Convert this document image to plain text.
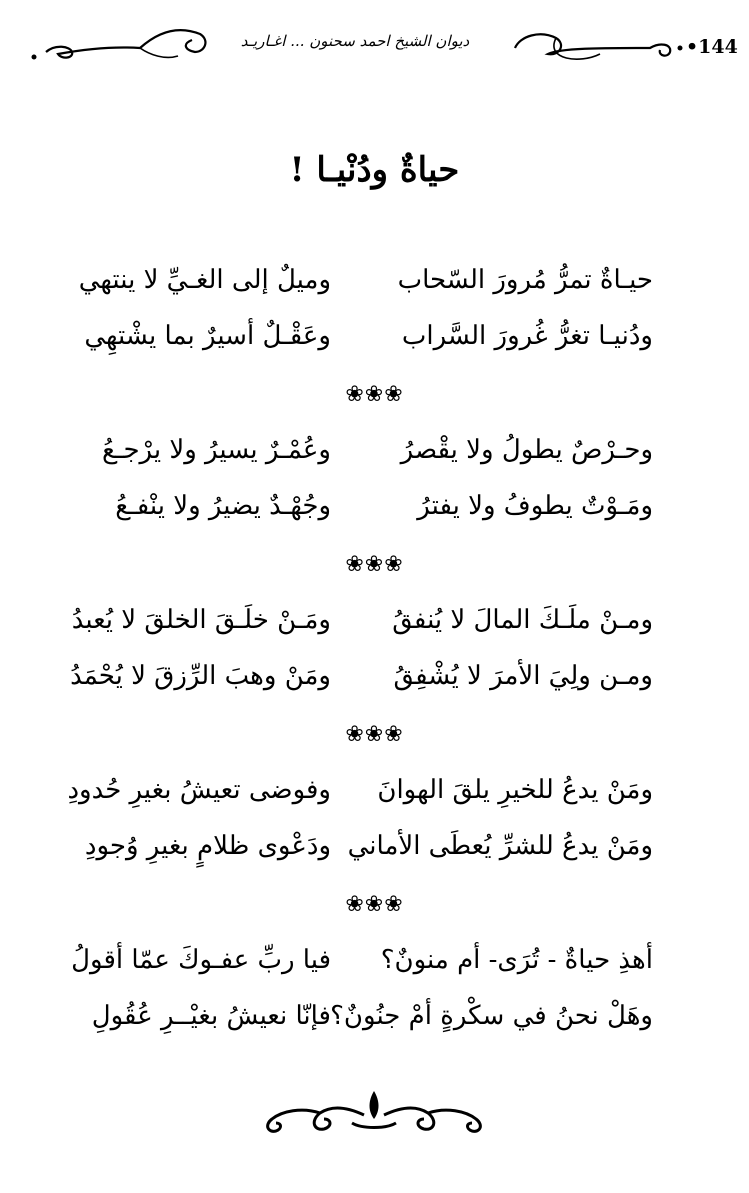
•144
ديوان الشيخ احمد سحنون ... اغـاريـد
حياةٌ ودُنْيـا !
حيـاةٌ تمرُّ مُرورَ السّحاب
وميلٌ إلى الغـيِّ لا ينتهي
ودُنيـا تغرُّ غُرورَ السَّراب
وعَقْـلٌ أسيرٌ بما يشْتهِي
❀❀❀
وحـرْصٌ يطولُ ولا يقْصرُ
وعُمْـرٌ يسيرُ ولا يرْجـعُ
ومَـوْتٌ يطوفُ ولا يفترُ
وجُهْـدٌ يضيرُ ولا ينْفـعُ
❀❀❀
ومـنْ ملَـكَ المالَ لا يُنفقُ
ومَـنْ خلَـقَ الخلقَ لا يُعبدُ
ومـن ولِيَ الأمرَ لا يُشْفِقُ
ومَنْ وهبَ الرِّزقَ لا يُحْمَدُ
❀❀❀
ومَنْ يدعُ للخيرِ يلقَ الهوانَ
وفوضى تعيشُ بغيرِ حُدودِ
ومَنْ يدعُ للشرِّ يُعطَى الأماني
ودَعْوى ظلامٍ بغيرِ وُجودِ
❀❀❀
أهذِ حياةٌ - تُرَى- أم منونٌ؟
فيا ربِّ عفـوكَ عمّا أقولُ
وهَلْ نحنُ في سكْرةٍ أمْ جنُونٌ؟
فإنّا نعيشُ بغيْــرِ عُقُولِ
